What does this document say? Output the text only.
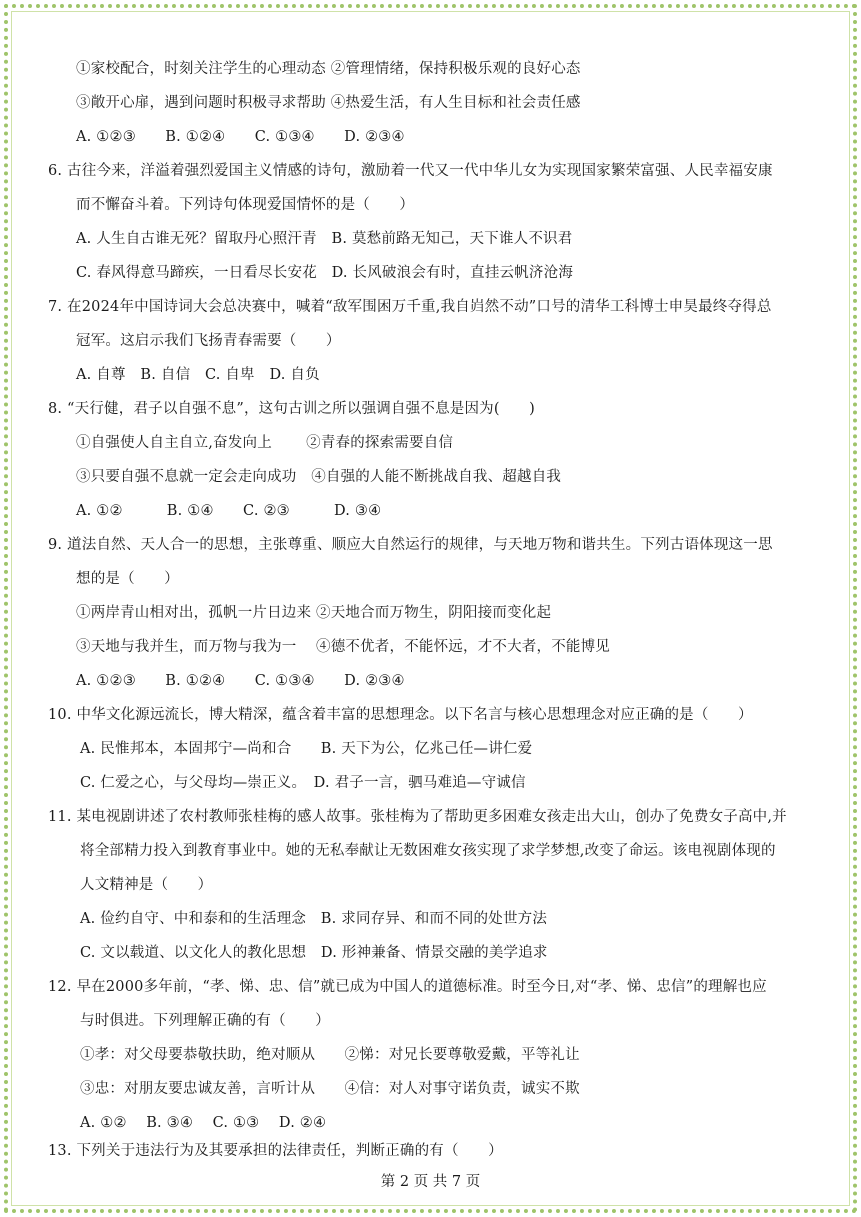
①家校配合，时刻关注学生的心理动态 ②管理情绪，保持积极乐观的良好心态
③敞开心扉，遇到问题时积极寻求帮助 ④热爱生活，有人生目标和社会责任感
A. ①②③　　B. ①②④　　C. ①③④　　D. ②③④
6. 古往今来，洋溢着强烈爱国主义情感的诗句，激励着一代又一代中华儿女为实现国家繁荣富强、人民幸福安康
而不懈奋斗着。下列诗句体现爱国情怀的是（　　）
A. 人生自古谁无死？留取丹心照汗青　B. 莫愁前路无知己，天下谁人不识君
C. 春风得意马蹄疾，一日看尽长安花　D. 长风破浪会有时，直挂云帆济沧海
7. 在2024年中国诗词大会总决赛中，喊着“敌军围困万千重,我自岿然不动”口号的清华工科博士申昊最终夺得总
冠军。这启示我们飞扬青春需要（　　）
A. 自尊　B. 自信　C. 自卑　D. 自负
8. “天行健，君子以自强不息”，这句古训之所以强调自强不息是因为(　　)
①自强使人自主自立,奋发向上　　 ②青春的探索需要自信
③只要自强不息就一定会走向成功　④自强的人能不断挑战自我、超越自我
A. ①②　　　B. ①④　　C. ②③　　　D. ③④
9. 道法自然、天人合一的思想，主张尊重、顺应大自然运行的规律，与天地万物和谐共生。下列古语体现这一思
想的是（　　）
①两岸青山相对出，孤帆一片日边来 ②天地合而万物生，阴阳接而变化起
③天地与我并生，而万物与我为一　 ④德不优者，不能怀远，才不大者，不能博见
A. ①②③　　B. ①②④　　C. ①③④　　D. ②③④
10. 中华文化源远流长，博大精深，蕴含着丰富的思想理念。以下名言与核心思想理念对应正确的是（　　）
A. 民惟邦本，本固邦宁—尚和合　　B. 天下为公，亿兆己任—讲仁爱
C. 仁爱之心，与父母均—崇正义。　D. 君子一言，驷马难追—守诚信
11. 某电视剧讲述了农村教师张桂梅的感人故事。张桂梅为了帮助更多困难女孩走出大山，创办了免费女子高中,并
将全部精力投入到教育事业中。她的无私奉献让无数困难女孩实现了求学梦想,改变了命运。该电视剧体现的
人文精神是（　　）
A. 俭约自守、中和泰和的生活理念　B. 求同存异、和而不同的处世方法
C. 文以载道、以文化人的教化思想　D. 形神兼备、情景交融的美学追求
12. 早在2000多年前，“孝、悌、忠、信”就已成为中国人的道德标准。时至今日,对“孝、悌、忠信”的理解也应
与时俱进。下列理解正确的有（　　）
①孝：对父母要恭敬扶助，绝对顺从　　②悌：对兄长要尊敬爱戴，平等礼让
③忠：对朋友要忠诚友善，言听计从　　④信：对人对事守诺负责，诚实不欺
A. ①②　 B. ③④　 C. ①③　 D. ②④
13. 下列关于违法行为及其要承担的法律责任，判断正确的有（　　）
第 2 页 共 7 页
